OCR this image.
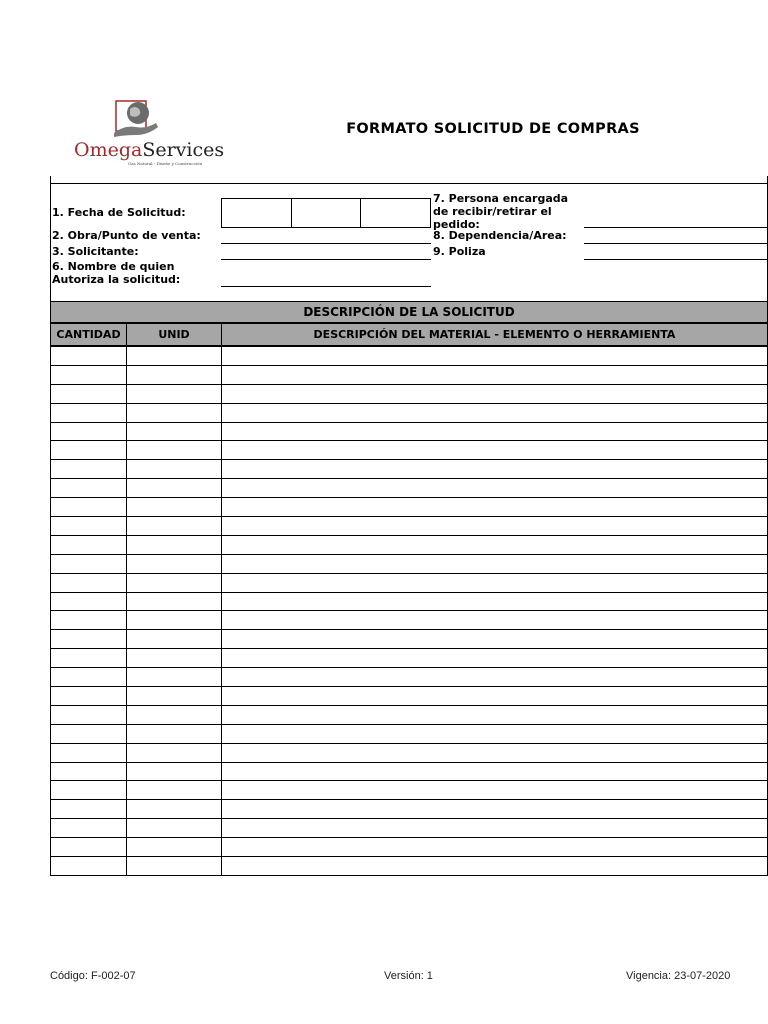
OmegaServices
Gas Natural - Diseño y Construcción
FORMATO SOLICITUD DE COMPRAS
1. Fecha de Solicitud:
2. Obra/Punto de venta:
3. Solicitante:
6. Nombre de quien
Autoriza la solicitud:
7. Persona encargada
de recibir/retirar el
pedido:
8. Dependencia/Area:
9. Poliza
DESCRIPCIÓN DE LA SOLICITUD
CANTIDAD	UNID	DESCRIPCIÓN DEL MATERIAL - ELEMENTO O HERRAMIENTA

Código: F-002-07	Versión: 1	Vigencia: 23-07-2020
